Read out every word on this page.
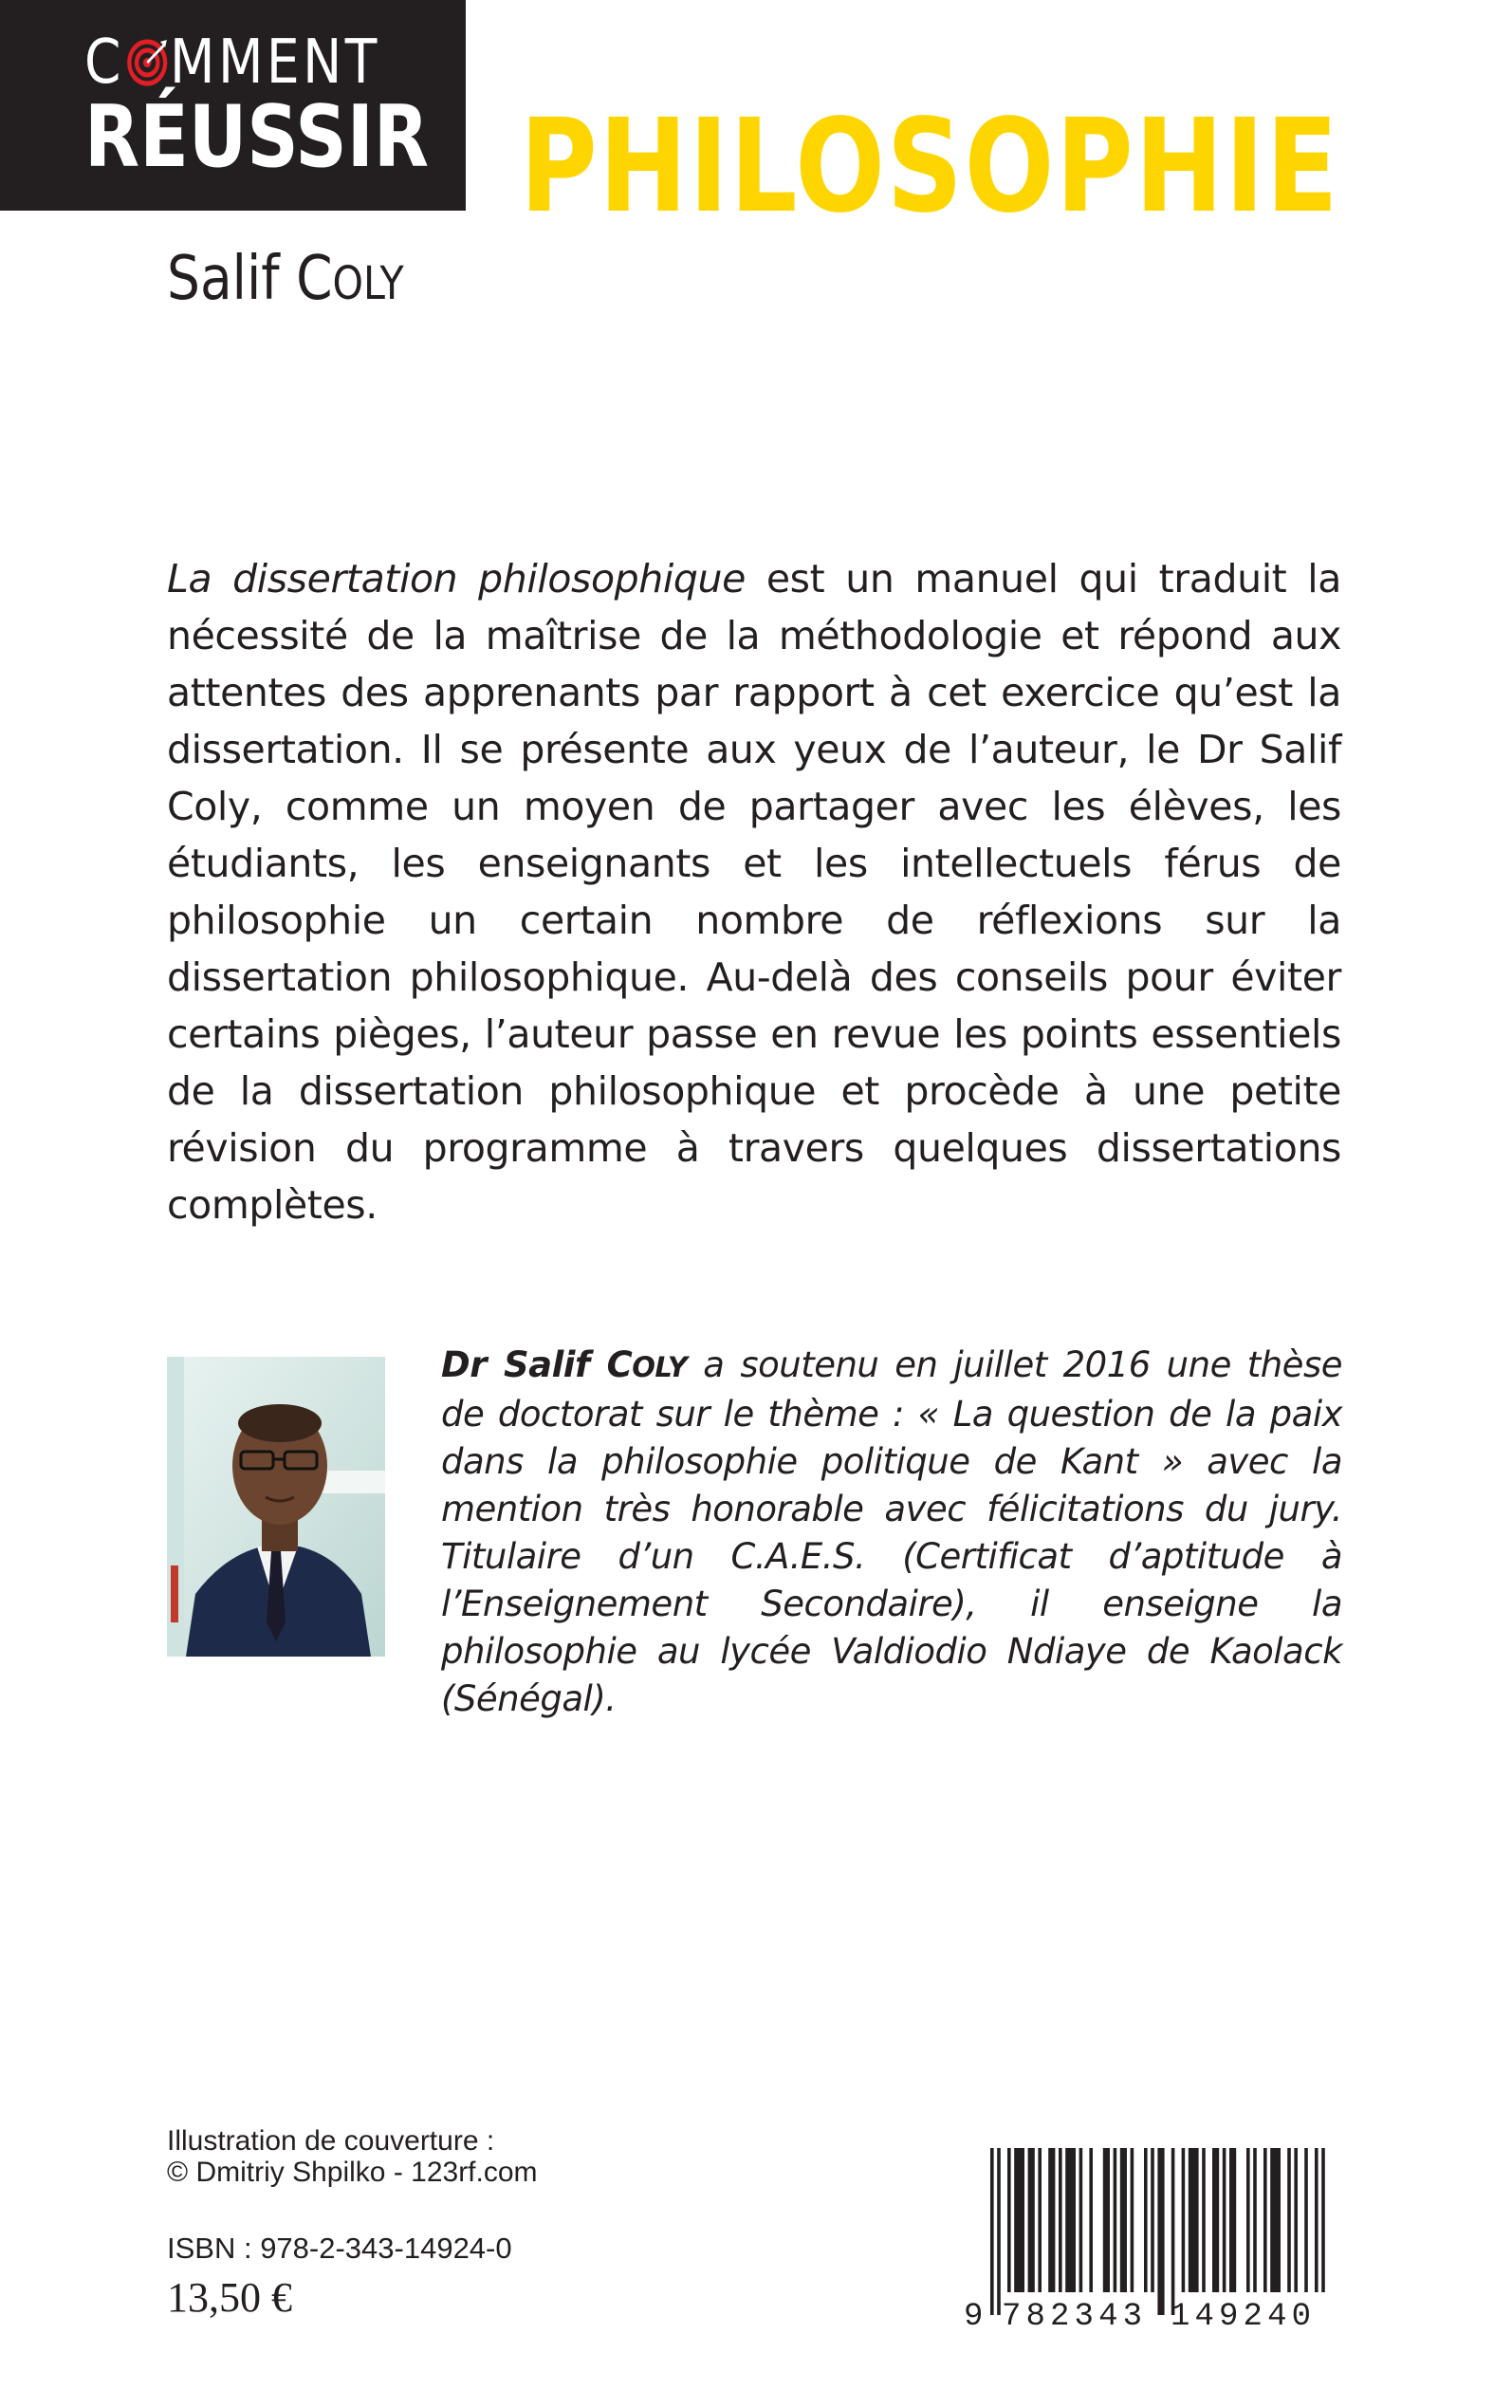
C MMENT
RÉUSSIR PHILOSOPHIE
Salif COLY
La dissertation philosophique est un manuel qui traduit la nécessité de la maîtrise de la méthodologie et répond aux attentes des apprenants par rapport à cet exercice qu’est la dissertation. Il se présente aux yeux de l’auteur, le Dr Salif Coly, comme un moyen de partager avec les élèves, les étudiants, les enseignants et les intellectuels férus de philosophie un certain nombre de réflexions sur la dissertation philosophique. Au-delà des conseils pour éviter certains pièges, l’auteur passe en revue les points essentiels de la dissertation philosophique et procède à une petite révision du programme à travers quelques dissertations complètes.
Dr Salif COLY a soutenu en juillet 2016 une thèse de doctorat sur le thème : « La question de la paix dans la philosophie politique de Kant » avec la mention très honorable avec félicitations du jury. Titulaire d’un C.A.E.S. (Certificat d’aptitude à l’Enseignement Secondaire), il enseigne la philosophie au lycée Valdiodio Ndiaye de Kaolack (Sénégal).
Illustration de couverture :
© Dmitriy Shpilko - 123rf.com
ISBN : 978-2-343-14924-0
13,50 €	9 782343 149240
